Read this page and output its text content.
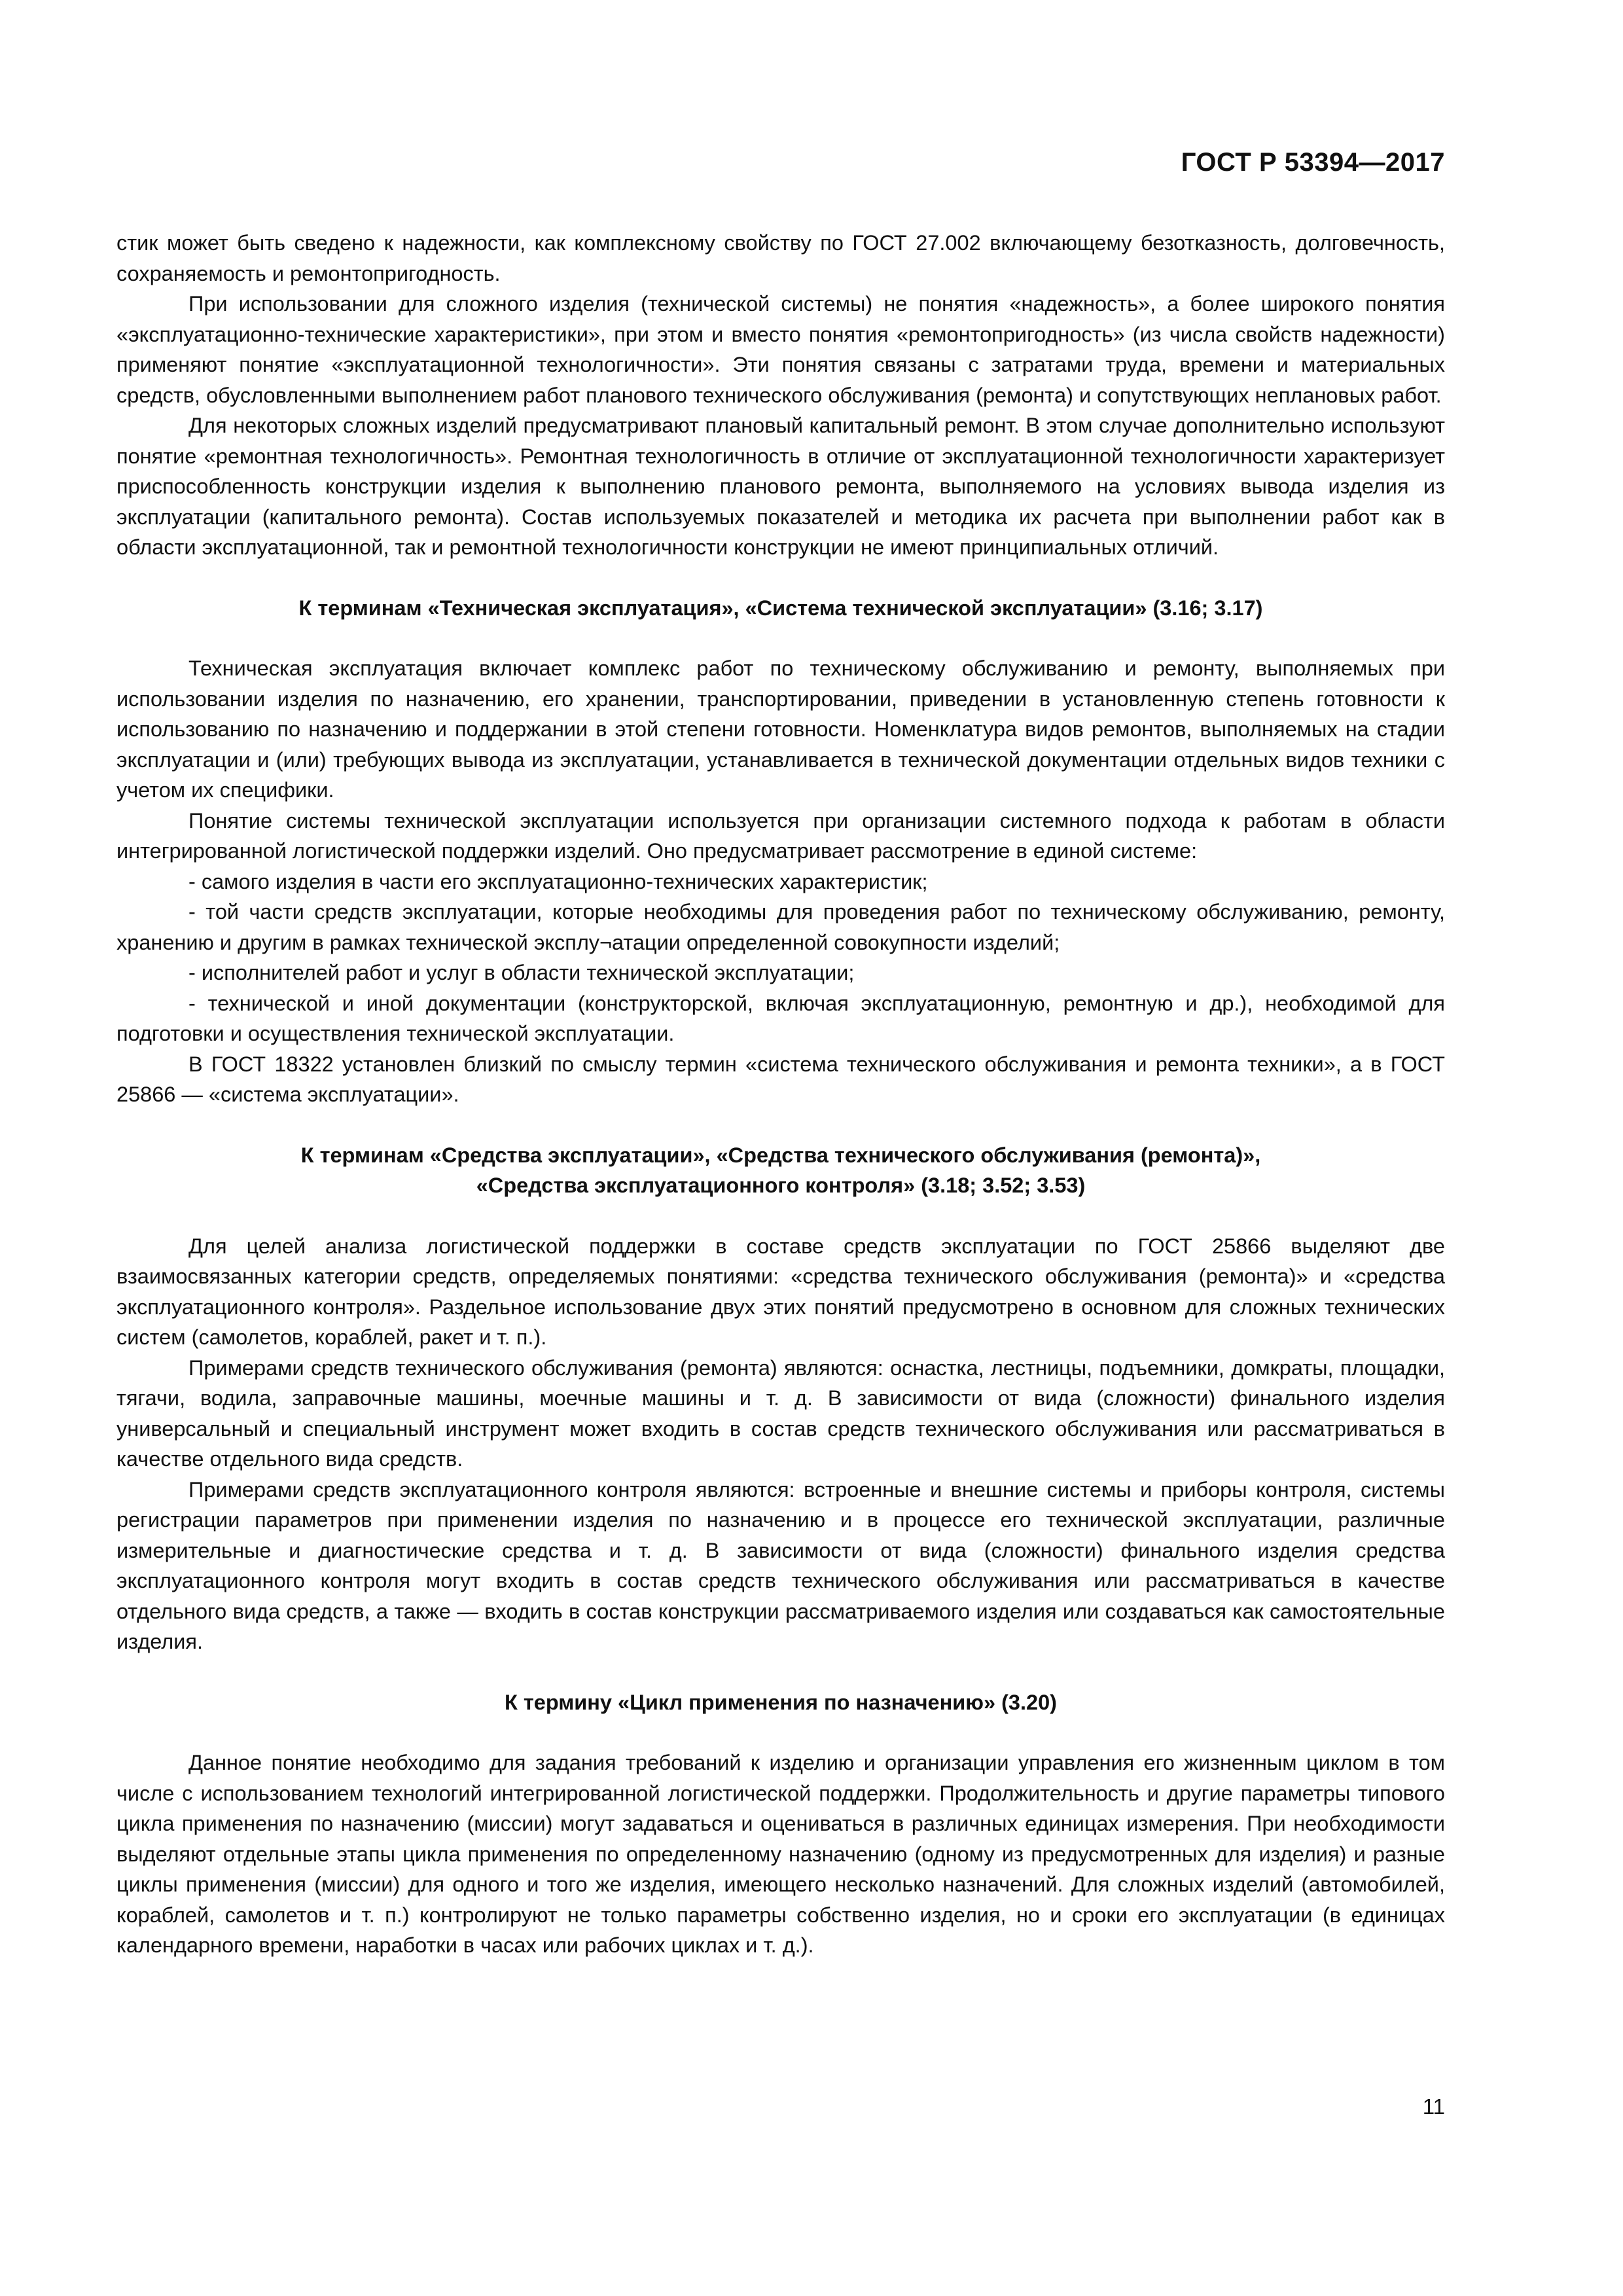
ГОСТ Р 53394—2017

стик может быть сведено к надежности, как комплексному свойству по ГОСТ 27.002 включающему безотказность, долговечность, сохраняемость и ремонтопригодность.

При использовании для сложного изделия (технической системы) не понятия «надежность», а более широкого понятия «эксплуатационно-технические характеристики», при этом и вместо понятия «ремонтопригодность» (из числа свойств надежности) применяют понятие «эксплуатационной технологичности». Эти понятия связаны с затратами труда, времени и материальных средств, обусловленными выполнением работ планового технического обслуживания (ремонта) и сопутствующих неплановых работ.

Для некоторых сложных изделий предусматривают плановый капитальный ремонт. В этом случае дополнительно используют понятие «ремонтная технологичность». Ремонтная технологичность в отличие от эксплуатационной технологичности характеризует приспособленность конструкции изделия к выполнению планового ремонта, выполняемого на условиях вывода изделия из эксплуатации (капитального ремонта). Состав используемых показателей и методика их расчета при выполнении работ как в области эксплуатационной, так и ремонтной технологичности конструкции не имеют принципиальных отличий.

К терминам «Техническая эксплуатация», «Система технической эксплуатации» (3.16; 3.17)

Техническая эксплуатация включает комплекс работ по техническому обслуживанию и ремонту, выполняемых при использовании изделия по назначению, его хранении, транспортировании, приведении в установленную степень готовности к использованию по назначению и поддержании в этой степени готовности. Номенклатура видов ремонтов, выполняемых на стадии эксплуатации и (или) требующих вывода из эксплуатации, устанавливается в технической документации отдельных видов техники с учетом их специфики.

Понятие системы технической эксплуатации используется при организации системного подхода к работам в области интегрированной логистической поддержки изделий. Оно предусматривает рассмотрение в единой системе:

- самого изделия в части его эксплуатационно-технических характеристик;

- той части средств эксплуатации, которые необходимы для проведения работ по техническому обслуживанию, ремонту, хранению и другим в рамках технической эксплу¬атации определенной совокупности изделий;

- исполнителей работ и услуг в области технической эксплуатации;

- технической и иной документации (конструкторской, включая эксплуатационную, ремонтную и др.), необходимой для подготовки и осуществления технической эксплуатации.

В ГОСТ 18322 установлен близкий по смыслу термин «система технического обслуживания и ремонта техники», а в ГОСТ 25866 — «система эксплуатации».

К терминам «Средства эксплуатации», «Средства технического обслуживания (ремонта)»,
«Средства эксплуатационного контроля» (3.18; 3.52; 3.53)

Для целей анализа логистической поддержки в составе средств эксплуатации по ГОСТ 25866 выделяют две взаимосвязанных категории средств, определяемых понятиями: «средства технического обслуживания (ремонта)» и «средства эксплуатационного контроля». Раздельное использование двух этих понятий предусмотрено в основном для сложных технических систем (самолетов, кораблей, ракет и т. п.).

Примерами средств технического обслуживания (ремонта) являются: оснастка, лестницы, подъемники, домкраты, площадки, тягачи, водила, заправочные машины, моечные машины и т. д. В зависимости от вида (сложности) финального изделия универсальный и специальный инструмент может входить в состав средств технического обслуживания или рассматриваться в качестве отдельного вида средств.

Примерами средств эксплуатационного контроля являются: встроенные и внешние системы и приборы контроля, системы регистрации параметров при применении изделия по назначению и в процессе его технической эксплуатации, различные измерительные и диагностические средства и т. д. В зависимости от вида (сложности) финального изделия средства эксплуатационного контроля могут входить в состав средств технического обслуживания или рассматриваться в качестве отдельного вида средств, а также — входить в состав конструкции рассматриваемого изделия или создаваться как самостоятельные изделия.

К термину «Цикл применения по назначению» (3.20)

Данное понятие необходимо для задания требований к изделию и организации управления его жизненным циклом в том числе с использованием технологий интегрированной логистической поддержки. Продолжительность и другие параметры типового цикла применения по назначению (миссии) могут задаваться и оцениваться в различных единицах измерения. При необходимости выделяют отдельные этапы цикла применения по определенному назначению (одному из предусмотренных для изделия) и разные циклы применения (миссии) для одного и того же изделия, имеющего несколько назначений. Для сложных изделий (автомобилей, кораблей, самолетов и т. п.) контролируют не только параметры собственно изделия, но и сроки его эксплуатации (в единицах календарного времени, наработки в часах или рабочих циклах и т. д.).

11
